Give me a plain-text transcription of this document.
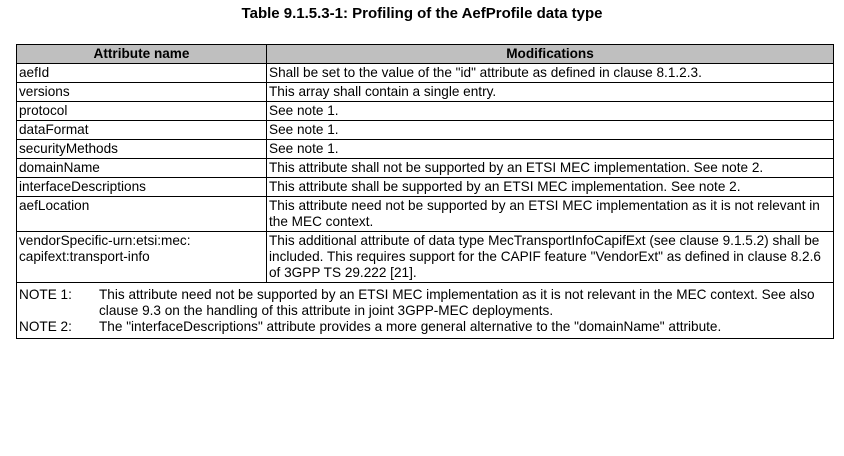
Table 9.1.5.3-1: Profiling of the AefProfile data type
Attribute name	Modifications
aefId	Shall be set to the value of the "id" attribute as defined in clause 8.1.2.3.
versions	This array shall contain a single entry.
protocol	See note 1.
dataFormat	See note 1.
securityMethods	See note 1.
domainName	This attribute shall not be supported by an ETSI MEC implementation. See note 2.
interfaceDescriptions	This attribute shall be supported by an ETSI MEC implementation. See note 2.
aefLocation	This attribute need not be supported by an ETSI MEC implementation as it is not relevant in the MEC context.
vendorSpecific-urn:etsi:mec: capifext:transport-info	This additional attribute of data type MecTransportInfoCapifExt (see clause 9.1.5.2) shall be included. This requires support for the CAPIF feature "VendorExt" as defined in clause 8.2.6 of 3GPP TS 29.222 [21].

NOTE 1: This attribute need not be supported by an ETSI MEC implementation as it is not relevant in the MEC context. See also clause 9.3 on the handling of this attribute in joint 3GPP-MEC deployments.
NOTE 2: The "interfaceDescriptions" attribute provides a more general alternative to the "domainName" attribute.	
